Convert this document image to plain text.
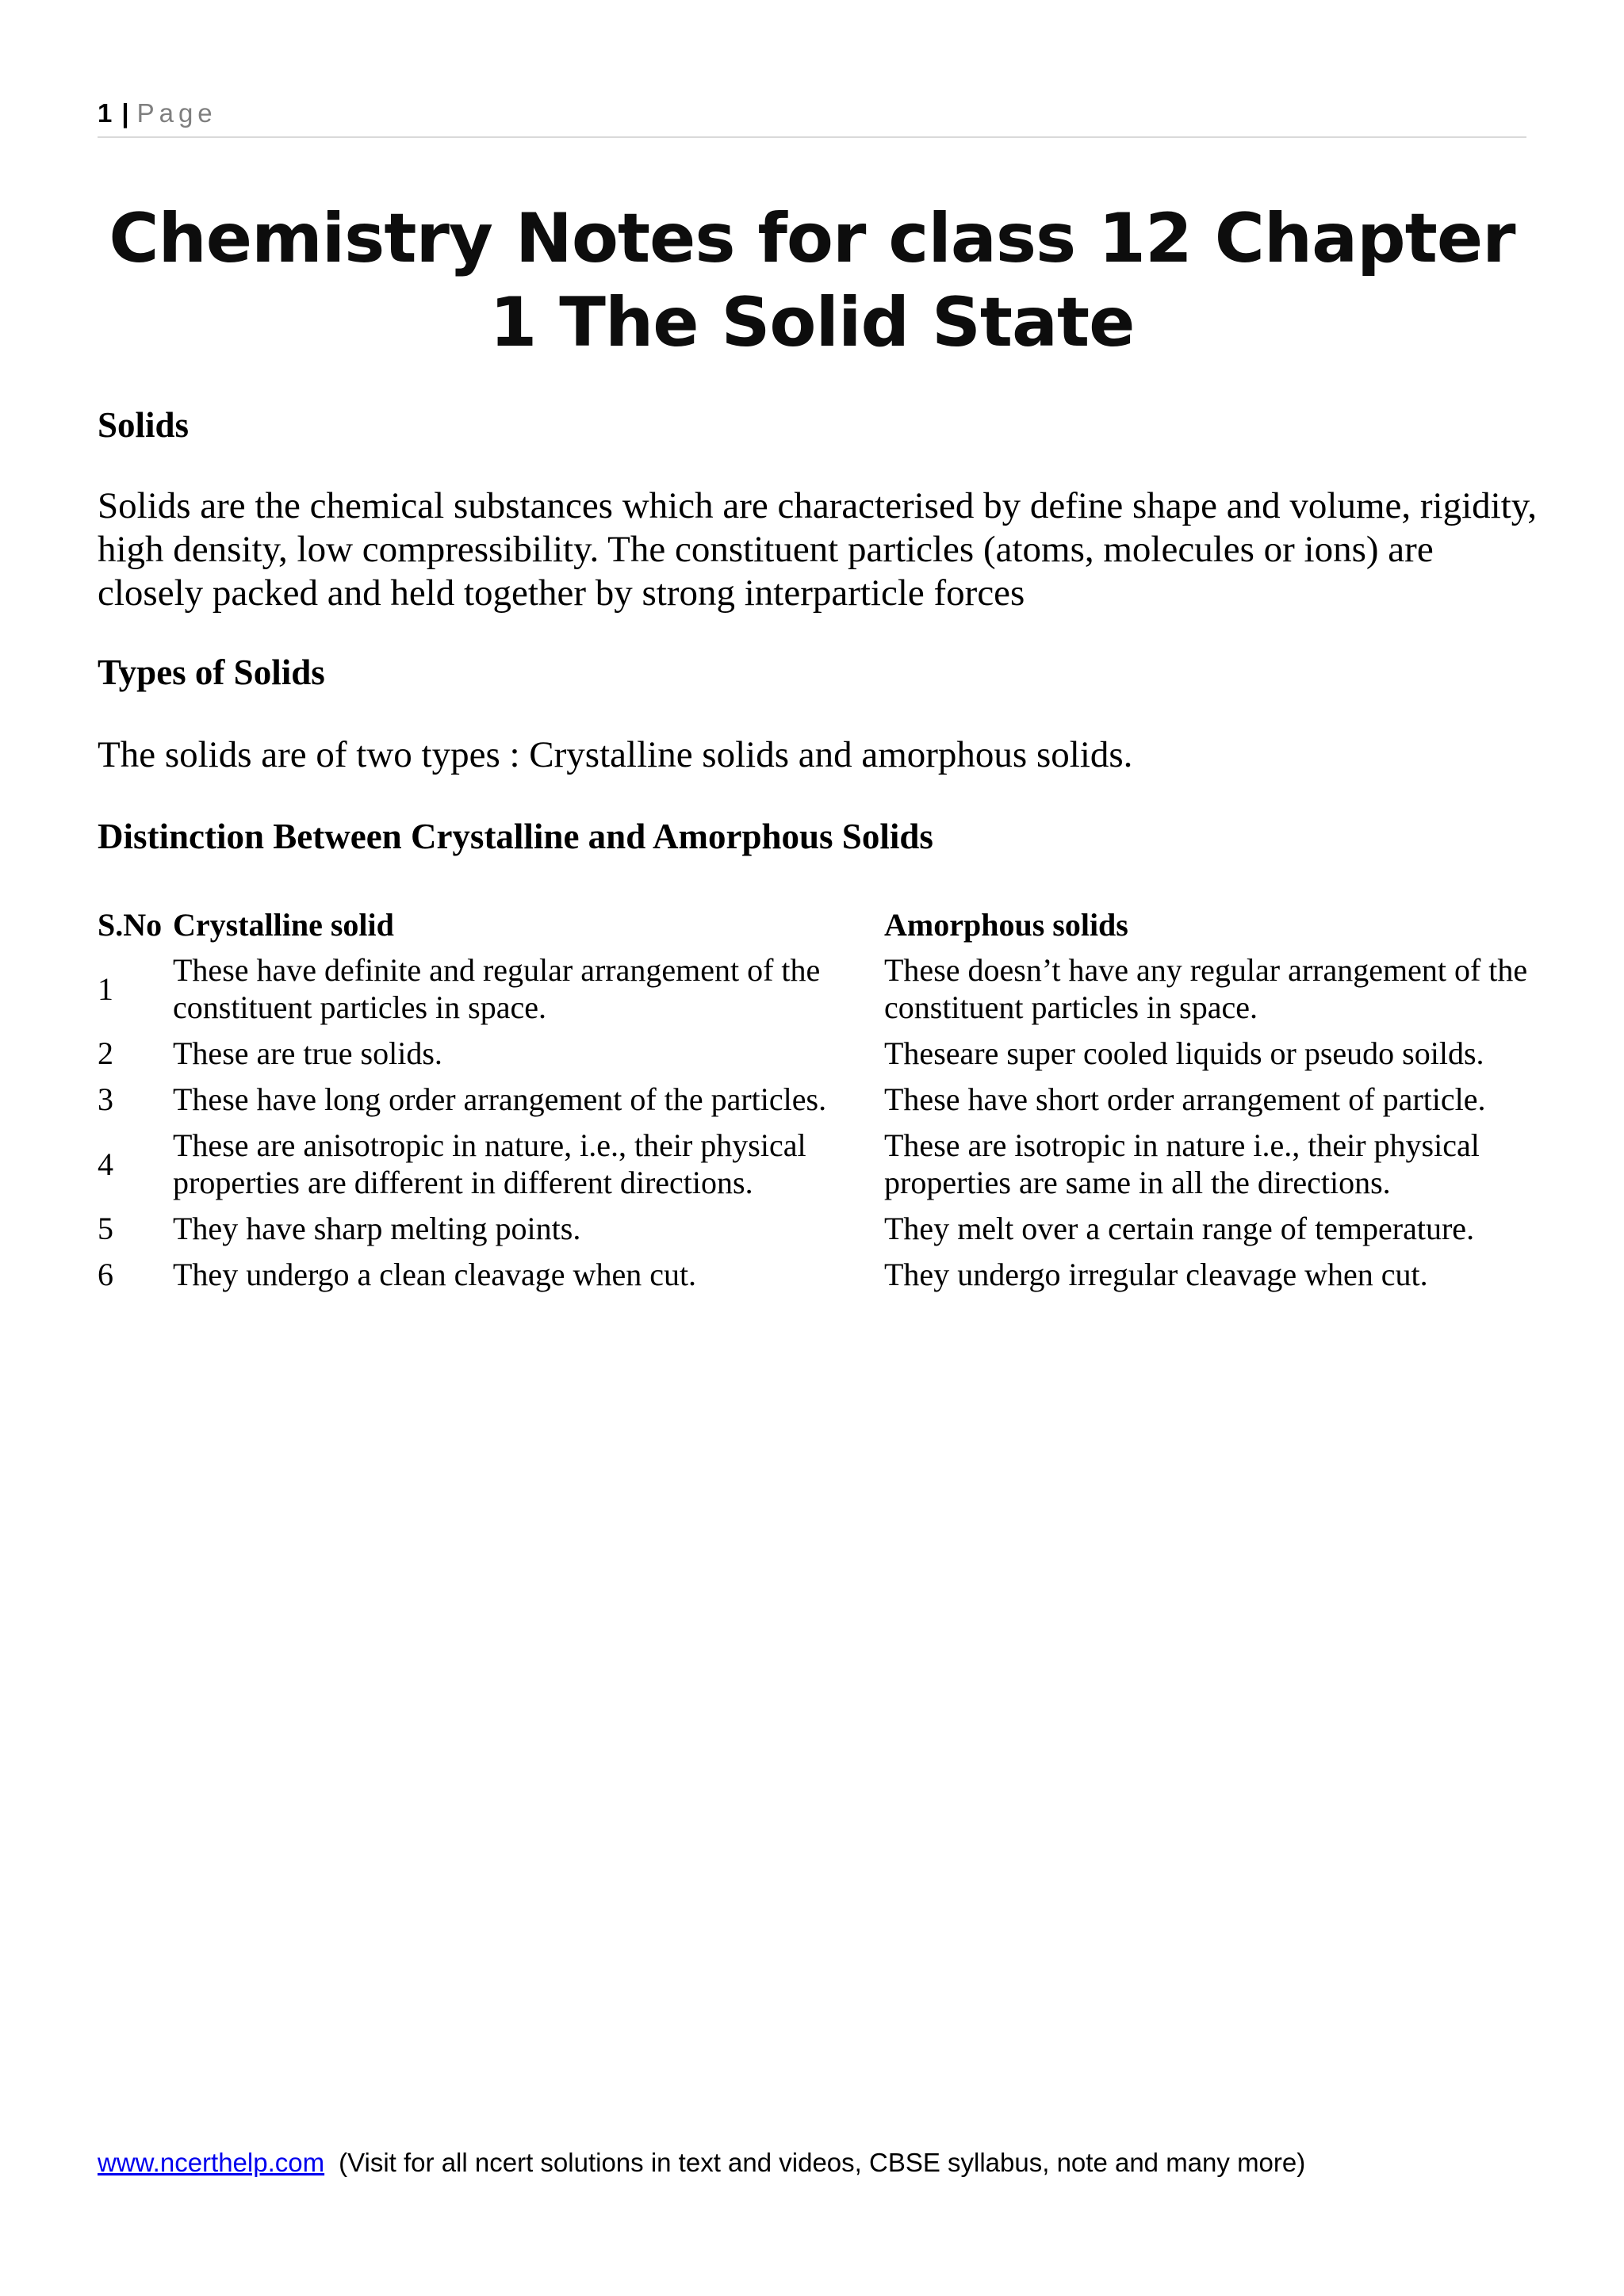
1 | Page
Chemistry Notes for class 12 Chapter 1 The Solid State
Solids

Solids are the chemical substances which are characterised by define shape and volume, rigidity, high density, low compressibility. The constituent particles (atoms, molecules or ions) are closely packed and held together by strong interparticle forces

Types of Solids

The solids are of two types : Crystalline solids and amorphous solids.

Distinction Between Crystalline and Amorphous Solids
S.No	Crystalline solid	Amorphous solids
1	These have definite and regular arrangement of the constituent particles in space.	These doesn’t have any regular arrangement of the constituent particles in space.
2	These are true solids.	Theseare super cooled liquids or pseudo soilds.
3	These have long order arrangement of the particles.	These have short order arrangement of particle.
4	These are anisotropic in nature, i.e., their physical properties are different in different directions.	These are isotropic in nature i.e., their physical properties are same in all the directions.
5	They have sharp melting points.	They melt over a certain range of temperature.
6	They undergo a clean cleavage when cut.	They undergo irregular cleavage when cut.
www.ncerthelp.com (Visit for all ncert solutions in text and videos, CBSE syllabus, note and many more)
